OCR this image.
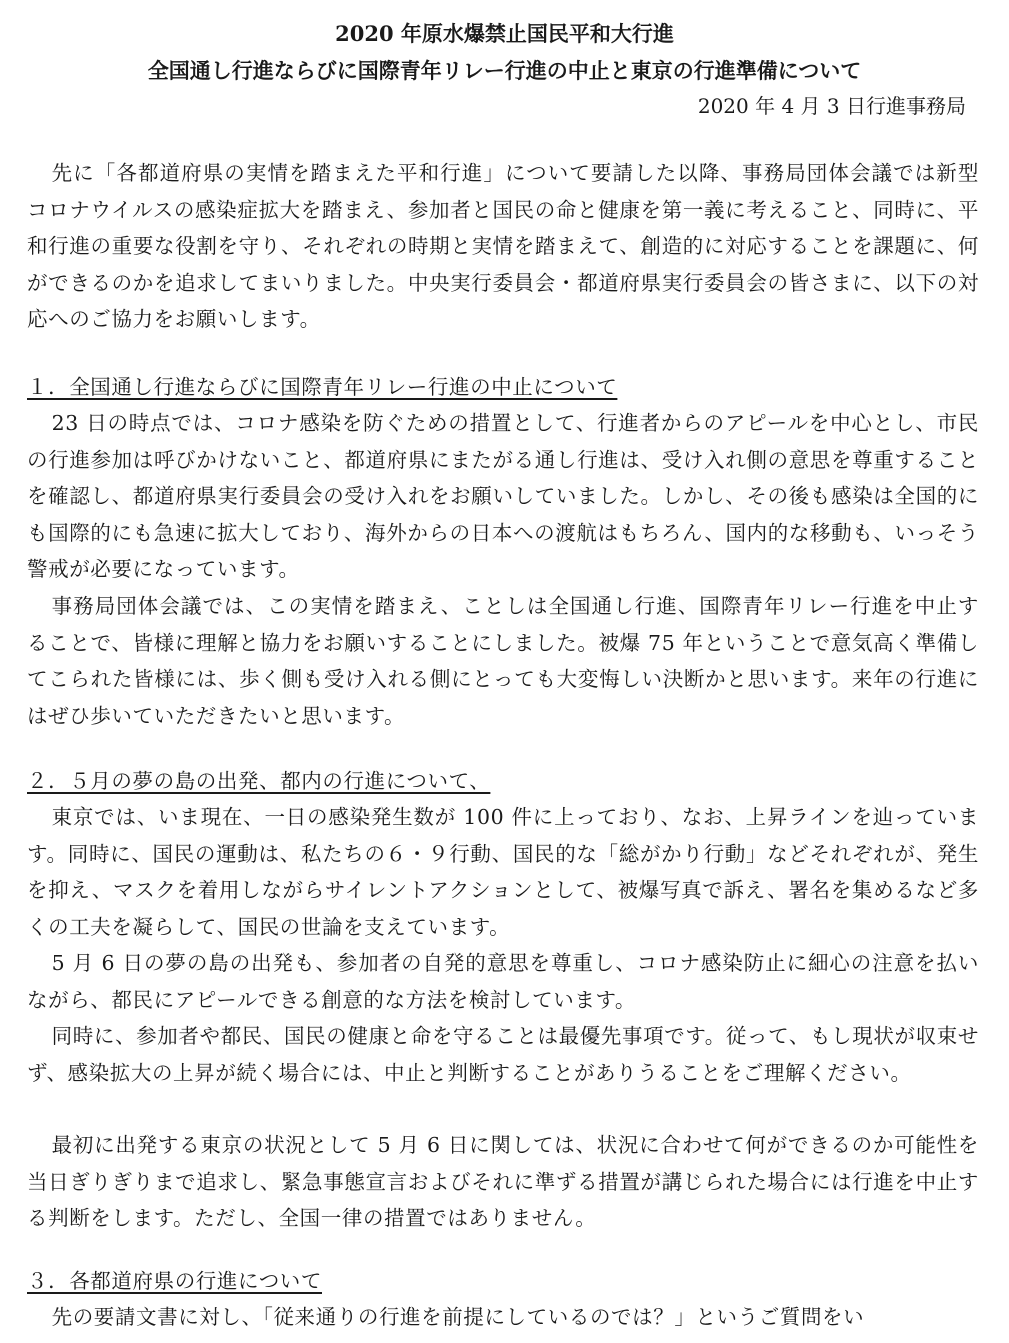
2020 年原水爆禁止国民平和大行進
全国通し行進ならびに国際青年リレー行進の中止と東京の行進準備について
2020 年 4 月 3 日行進事務局

先に「各都道府県の実情を踏まえた平和行進」について要請した以降、事務局団体会議では新型コロナウイルスの感染症拡大を踏まえ、参加者と国民の命と健康を第一義に考えること、同時に、平和行進の重要な役割を守り、それぞれの時期と実情を踏まえて、創造的に対応することを課題に、何ができるのかを追求してまいりました。中央実行委員会・都道府県実行委員会の皆さまに、以下の対応へのご協力をお願いします。

１．全国通し行進ならびに国際青年リレー行進の中止について

23 日の時点では、コロナ感染を防ぐための措置として、行進者からのアピールを中心とし、市民の行進参加は呼びかけないこと、都道府県にまたがる通し行進は、受け入れ側の意思を尊重することを確認し、都道府県実行委員会の受け入れをお願いしていました。しかし、その後も感染は全国的にも国際的にも急速に拡大しており、海外からの日本への渡航はもちろん、国内的な移動も、いっそう警戒が必要になっています。

事務局団体会議では、この実情を踏まえ、ことしは全国通し行進、国際青年リレー行進を中止することで、皆様に理解と協力をお願いすることにしました。被爆 75 年ということで意気高く準備してこられた皆様には、歩く側も受け入れる側にとっても大変悔しい決断かと思います。来年の行進にはぜひ歩いていただきたいと思います。

２．５月の夢の島の出発、都内の行進について、

東京では、いま現在、一日の感染発生数が 100 件に上っており、なお、上昇ラインを辿っています。同時に、国民の運動は、私たちの６・９行動、国民的な「総がかり行動」などそれぞれが、発生を抑え、マスクを着用しながらサイレントアクションとして、被爆写真で訴え、署名を集めるなど多くの工夫を凝らして、国民の世論を支えています。

5 月 6 日の夢の島の出発も、参加者の自発的意思を尊重し、コロナ感染防止に細心の注意を払いながら、都民にアピールできる創意的な方法を検討しています。

同時に、参加者や都民、国民の健康と命を守ることは最優先事項です。従って、もし現状が収束せず、感染拡大の上昇が続く場合には、中止と判断することがありうることをご理解ください。

最初に出発する東京の状況として 5 月 6 日に関しては、状況に合わせて何ができるのか可能性を当日ぎりぎりまで追求し、緊急事態宣言およびそれに準ずる措置が講じられた場合には行進を中止する判断をします。ただし、全国一律の措置ではありません。

３．各都道府県の行進について

先の要請文書に対し、「従来通りの行進を前提にしているのでは？」というご質問をい
